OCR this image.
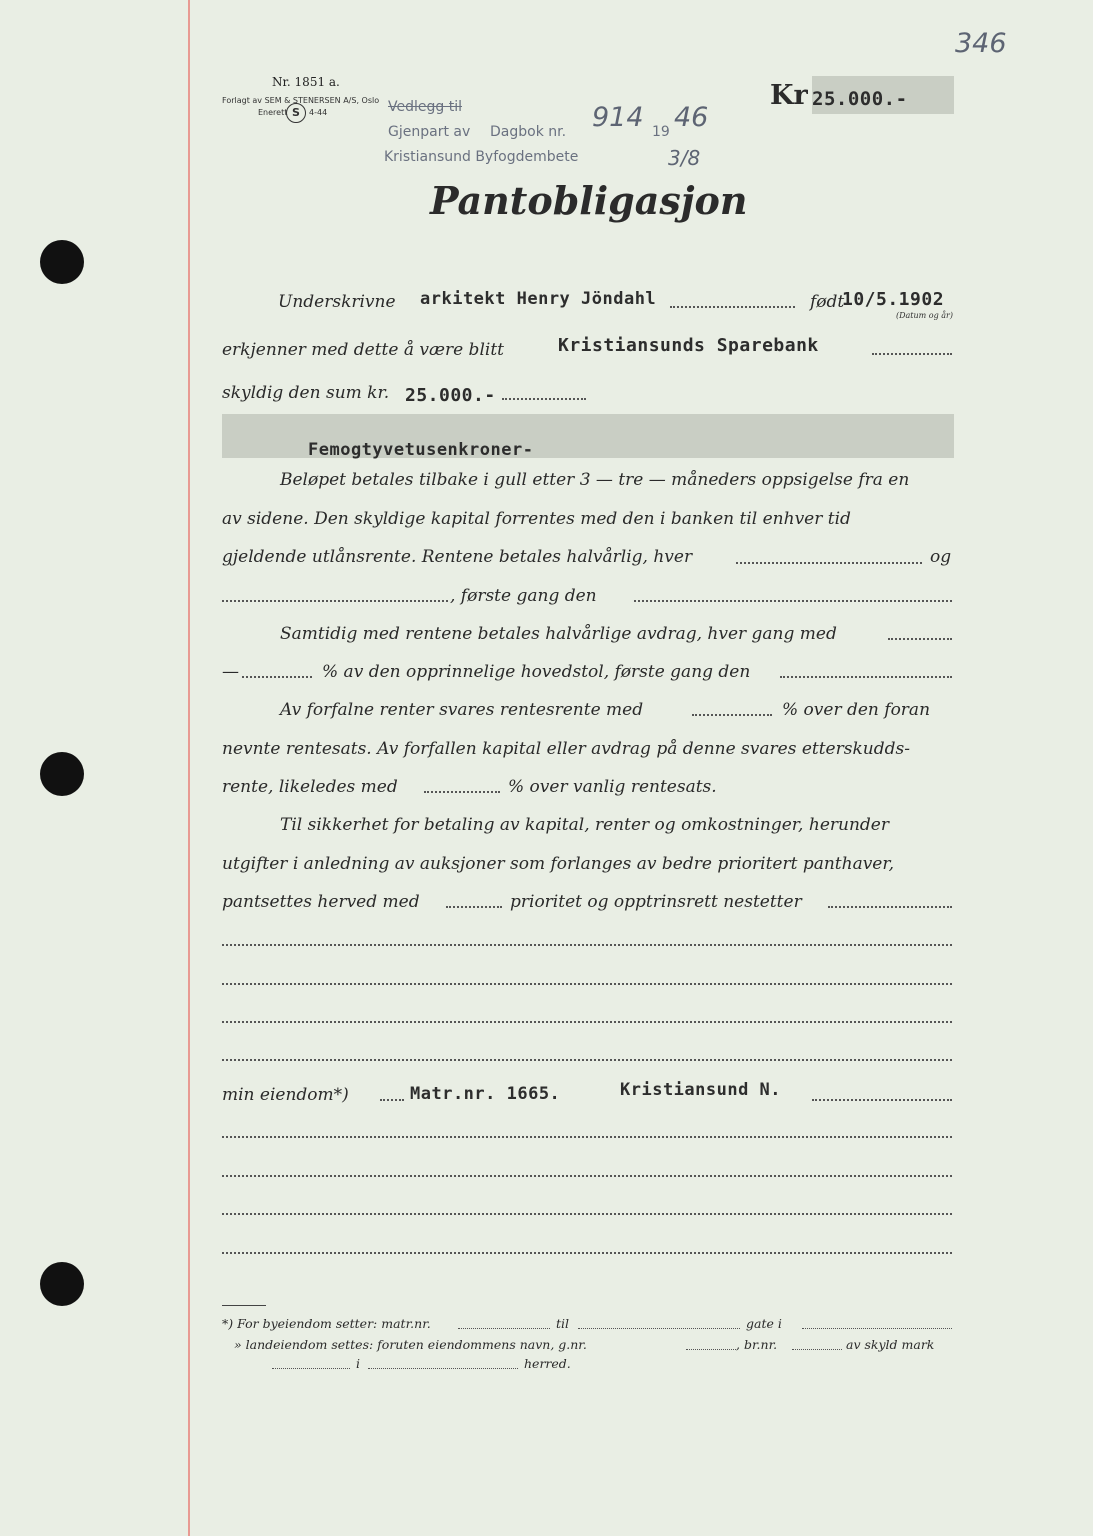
346
Nr. 1851 a.
Forlagt av SEM & STENERSEN A/S, Oslo
Enerett S	4-44	Vedlegg til
Gjenpart av Dagbok nr. 914 19 46
Kristiansund Byfogdembete	3/8
Kr 25.000.-
Pantobligasjon
Underskrivne arkitekt Henry Jöndahl	født
10/5.1902
(Datum og år)
erkjenner med dette å være blitt	Kristiansunds Sparebank
skyldig den sum kr. 25.000.-
Femogtyvetusenkroner-
Beløpet betales tilbake i gull etter 3 — tre — måneders oppsigelse fra en
av sidene. Den skyldige kapital forrentes med den i banken til enhver tid
gjeldende utlånsrente. Rentene betales halvårlig, hver	og
, første gang den
Samtidig med rentene betales halvårlige avdrag, hver gang med
—	% av den opprinnelige hovedstol, første gang den
Av forfalne renter svares rentesrente med	% over den foran
nevnte rentesats. Av forfallen kapital eller avdrag på denne svares etterskudds-
rente, likeledes med	% over vanlig rentesats.
Til sikkerhet for betaling av kapital, renter og omkostninger, herunder
utgifter i anledning av auksjoner som forlanges av bedre prioritert panthaver,
pantsettes herved med	prioritet og opptrinsrett nestetter
min eiendom*)	Matr.nr. 1665.	Kristiansund N.
*) For byeiendom setter: matr.nr.	til	gate i
» landeiendom settes: foruten eiendommens navn, g.nr.	, br.nr.	av skyld mark
i	herred.
